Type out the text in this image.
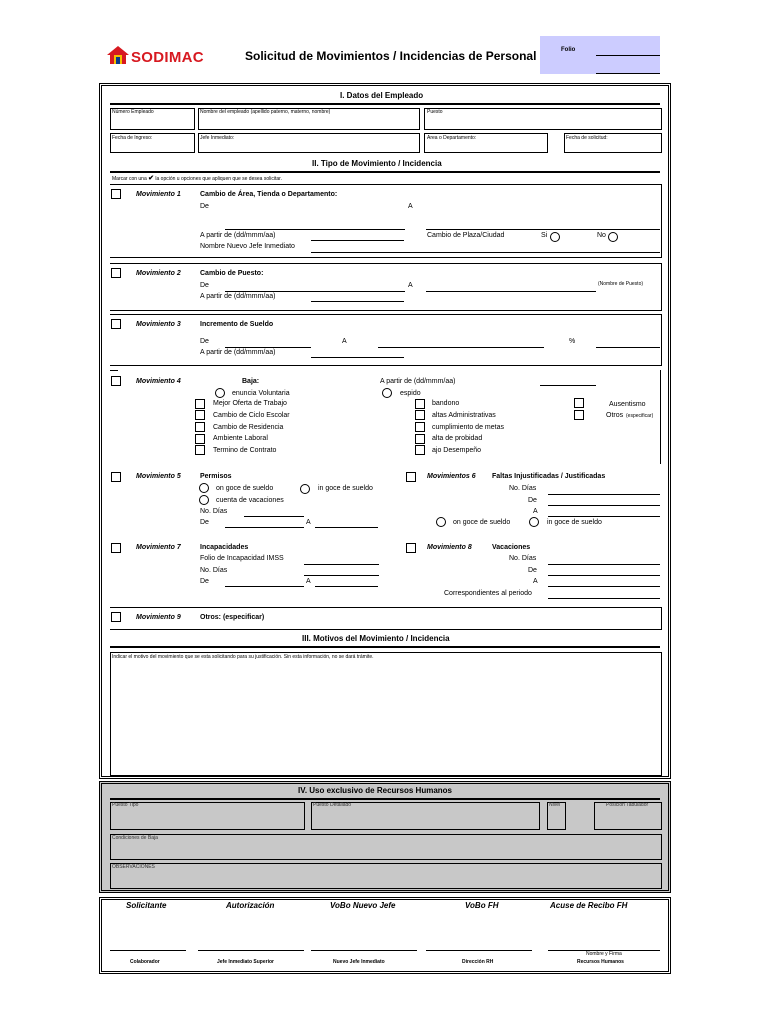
SODIMAC	Solicitud de Movimientos / Incidencias de Personal	Folio
I. Datos del Empleado
Número Empleado	Nombre del empleado (apellido paterno, materno, nombre)	Puesto
Fecha de Ingreso:	Jefe Inmediato:	Area o Departamento:	Fecha de solicitud:
II. Tipo de Movimiento / Incidencia
Marcar con una ✔ la opción u opciones que apliquen que se desea solicitar.
Movimiento 1	Cambio de Área, Tienda o Departamento:
De	A
A partir de (dd/mmm/aa)	Cambio de Plaza/Ciudad	Si	No
Nombre Nuevo Jefe Inmediato
Movimiento 2	Cambio de Puesto:
De	A	(Nombre de Puesto)
A partir de (dd/mmm/aa)
Movimiento 3	Incremento de Sueldo
De	A	%
A partir de (dd/mmm/aa)
Movimiento 4	Baja:	A partir de (dd/mmm/aa)
enuncia Voluntaria	espido
Mejor Oferta de Trabajo
Cambio de Ciclo Escolar
Cambio de Residencia
Ambiente Laboral
Termino de Contrato
bandono
altas Administrativas
cumplimiento de metas
alta de probidad
ajo Desempeño
Ausentismo
Otros (especificar)
Movimiento 5	Permisos
on goce de sueldo	in goce de sueldo
cuenta de vacaciones
No. Días
De	A
Movimientos 6 Faltas Injustificadas / Justificadas
No. Días
De
A
on goce de sueldo	in goce de sueldo
Movimiento 7	Incapacidades
Folio de Incapacidad IMSS
No. Días
De	A
Movimiento 8	Vacaciones
No. Días
De
A
Correspondientes al periodo
Movimiento 9	Otros: (especificar)
III. Motivos del Movimiento / Incidencia
Indicar el motivo del movimiento que se esta solicitando para su justificación. Sin esta información, no se dará trámite.
IV. Uso exclusivo de Recursos Humanos
Puesto Tipo	Puesto Detallado	Nivel	Posición Tabulador
Condiciones de Baja
OBSERVACIONES
Solicitante	Autorización	VoBo Nuevo Jefe	VoBo FH	Acuse de Recibo FH
Nombre y Firma
Colaborador	Jefe Inmediato Superior	Nuevo Jefe Inmediato	Dirección RH	Recursos Humanos
